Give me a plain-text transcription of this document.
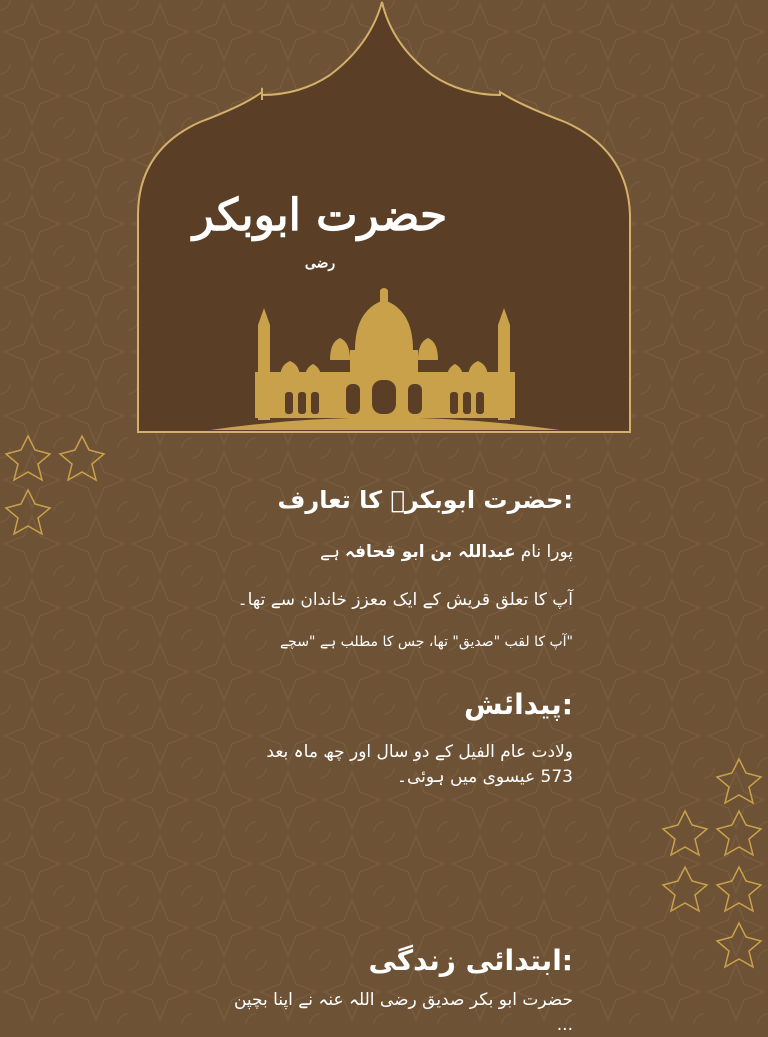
حضرت ابوبکر $^{رضی}$
:حضرت ابوبکرؓ کا تعارف
پورا نام عبداللہ بن ابو قحافہ ہے
آپ کا تعلق قریش کے ایک معزز خاندان سے تھا۔
"آپ کا لقب "صدیق" تھا، جس کا مطلب ہے "سچے
:پیدائش
ولادت عام الفیل کے دو سال اور چھ ماہ بعد
573 عیسوی میں ہوئی۔
:ابتدائی زندگی
حضرت ابو بکر صدیق رضی اللہ عنہ نے اپنا بچپن
...
